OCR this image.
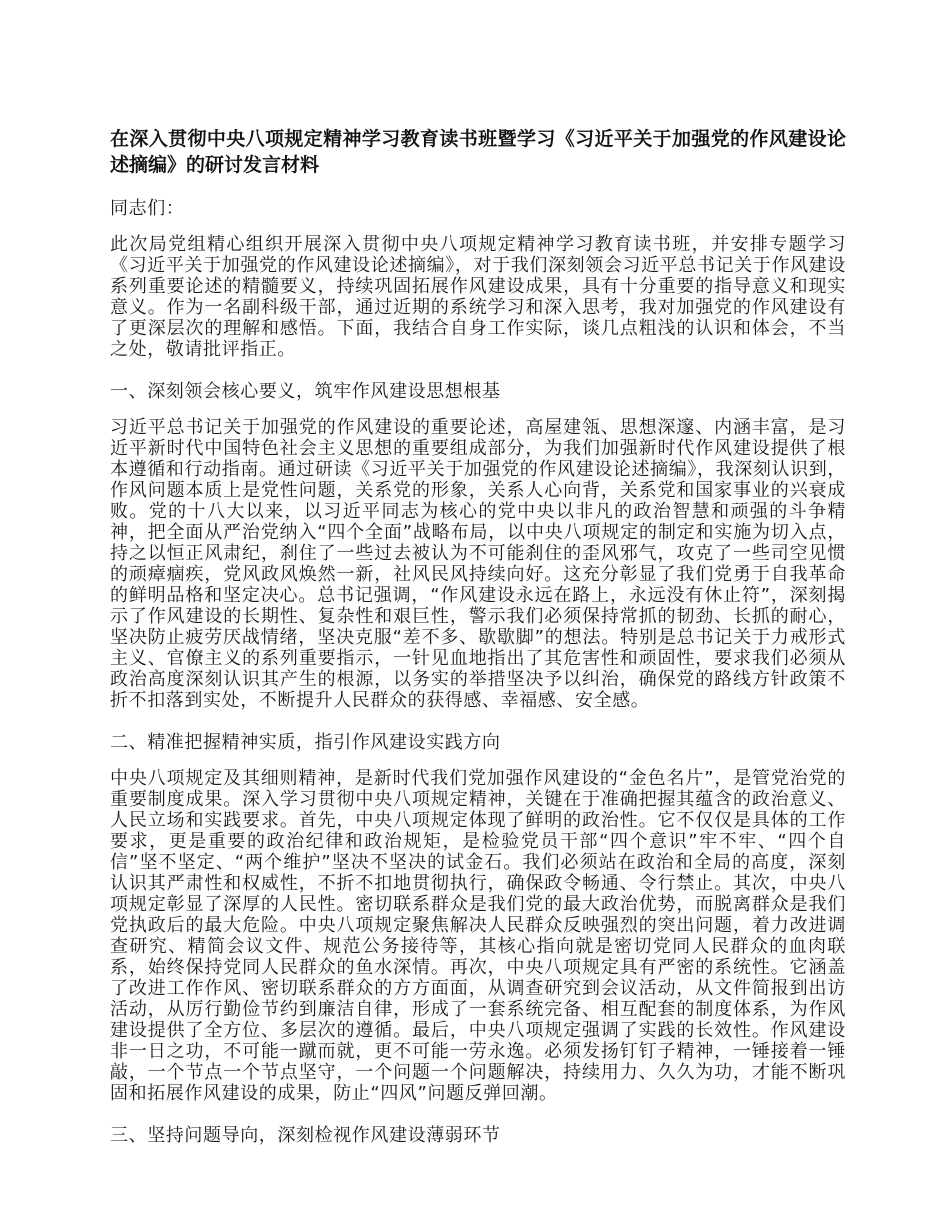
在深入贯彻中央八项规定精神学习教育读书班暨学习《习近平关于加强党的作风建设论述摘编》的研讨发言材料

同志们：

此次局党组精心组织开展深入贯彻中央八项规定精神学习教育读书班，并安排专题学习《习近平关于加强党的作风建设论述摘编》，对于我们深刻领会习近平总书记关于作风建设系列重要论述的精髓要义，持续巩固拓展作风建设成果，具有十分重要的指导意义和现实意义。作为一名副科级干部，通过近期的系统学习和深入思考，我对加强党的作风建设有了更深层次的理解和感悟。下面，我结合自身工作实际，谈几点粗浅的认识和体会，不当之处，敬请批评指正。

一、深刻领会核心要义，筑牢作风建设思想根基

习近平总书记关于加强党的作风建设的重要论述，高屋建瓴、思想深邃、内涵丰富，是习近平新时代中国特色社会主义思想的重要组成部分，为我们加强新时代作风建设提供了根本遵循和行动指南。通过研读《习近平关于加强党的作风建设论述摘编》，我深刻认识到，作风问题本质上是党性问题，关系党的形象，关系人心向背，关系党和国家事业的兴衰成败。党的十八大以来，以习近平同志为核心的党中央以非凡的政治智慧和顽强的斗争精神，把全面从严治党纳入“四个全面”战略布局，以中央八项规定的制定和实施为切入点，持之以恒正风肃纪，刹住了一些过去被认为不可能刹住的歪风邪气，攻克了一些司空见惯的顽瘴痼疾，党风政风焕然一新，社风民风持续向好。这充分彰显了我们党勇于自我革命的鲜明品格和坚定决心。总书记强调，“作风建设永远在路上，永远没有休止符”，深刻揭示了作风建设的长期性、复杂性和艰巨性，警示我们必须保持常抓的韧劲、长抓的耐心，坚决防止疲劳厌战情绪，坚决克服“差不多、歇歇脚”的想法。特别是总书记关于力戒形式主义、官僚主义的系列重要指示，一针见血地指出了其危害性和顽固性，要求我们必须从政治高度深刻认识其产生的根源，以务实的举措坚决予以纠治，确保党的路线方针政策不折不扣落到实处，不断提升人民群众的获得感、幸福感、安全感。

二、精准把握精神实质，指引作风建设实践方向

中央八项规定及其细则精神，是新时代我们党加强作风建设的“金色名片”，是管党治党的重要制度成果。深入学习贯彻中央八项规定精神，关键在于准确把握其蕴含的政治意义、人民立场和实践要求。首先，中央八项规定体现了鲜明的政治性。它不仅仅是具体的工作要求，更是重要的政治纪律和政治规矩，是检验党员干部“四个意识”牢不牢、“四个自信”坚不坚定、“两个维护”坚决不坚决的试金石。我们必须站在政治和全局的高度，深刻认识其严肃性和权威性，不折不扣地贯彻执行，确保政令畅通、令行禁止。其次，中央八项规定彰显了深厚的人民性。密切联系群众是我们党的最大政治优势，而脱离群众是我们党执政后的最大危险。中央八项规定聚焦解决人民群众反映强烈的突出问题，着力改进调查研究、精简会议文件、规范公务接待等，其核心指向就是密切党同人民群众的血肉联系，始终保持党同人民群众的鱼水深情。再次，中央八项规定具有严密的系统性。它涵盖了改进工作作风、密切联系群众的方方面面，从调查研究到会议活动，从文件简报到出访活动，从厉行勤俭节约到廉洁自律，形成了一套系统完备、相互配套的制度体系，为作风建设提供了全方位、多层次的遵循。最后，中央八项规定强调了实践的长效性。作风建设非一日之功，不可能一蹴而就，更不可能一劳永逸。必须发扬钉钉子精神，一锤接着一锤敲，一个节点一个节点坚守，一个问题一个问题解决，持续用力、久久为功，才能不断巩固和拓展作风建设的成果，防止“四风”问题反弹回潮。

三、坚持问题导向，深刻检视作风建设薄弱环节
